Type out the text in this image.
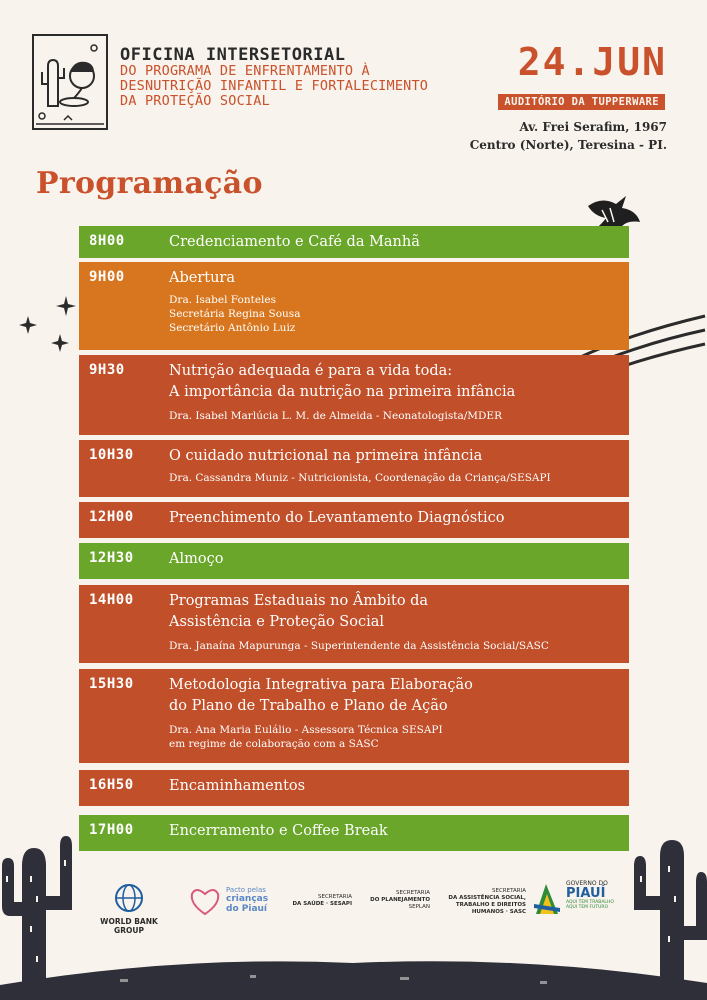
OFICINA INTERSETORIAL
DO PROGRAMA DE ENFRENTAMENTO À
DESNUTRIÇÃO INFANTIL E FORTALECIMENTO
DA PROTEÇÃO SOCIAL
24.JUN
AUDITÓRIO DA TUPPERWARE
Av. Frei Serafim, 1967
Centro (Norte), Teresina - PI.
Programação
8H00	Credenciamento e Café da Manhã
9H00	Abertura
Dra. Isabel Fonteles
Secretária Regina Sousa
Secretário Antônio Luiz
9H30	Nutrição adequada é para a vida toda:
A importância da nutrição na primeira infância
Dra. Isabel Marlúcia L. M. de Almeida - Neonatologista/MDER
10H30 O cuidado nutricional na primeira infância
Dra. Cassandra Muniz - Nutricionista, Coordenação da Criança/SESAPI
12H00 Preenchimento do Levantamento Diagnóstico
12H30 Almoço
14H00 Programas Estaduais no Âmbito da
Assistência e Proteção Social
Dra. Janaína Mapurunga - Superintendente da Assistência Social/SASC
15H30 Metodologia Integrativa para Elaboração
do Plano de Trabalho e Plano de Ação
Dra. Ana Maria Eulálio - Assessora Técnica SESAPI
em regime de colaboração com a SASC
16H50 Encaminhamentos
17H00 Encerramento e Coffee Break
WORLD BANK GROUP
Pacto pelas
crianças
do Piauí
SECRETARIA
DA SAÚDE · SESAPI
SECRETARIA
DO PLANEJAMENTO
SEPLAN
SECRETARIA
DA ASSISTÊNCIA SOCIAL,
TRABALHO E DIREITOS
HUMANOS · SASC
GOVERNO DO
PIAUÍ
AQUI TEM TRABALHO
AQUI TEM FUTURO
